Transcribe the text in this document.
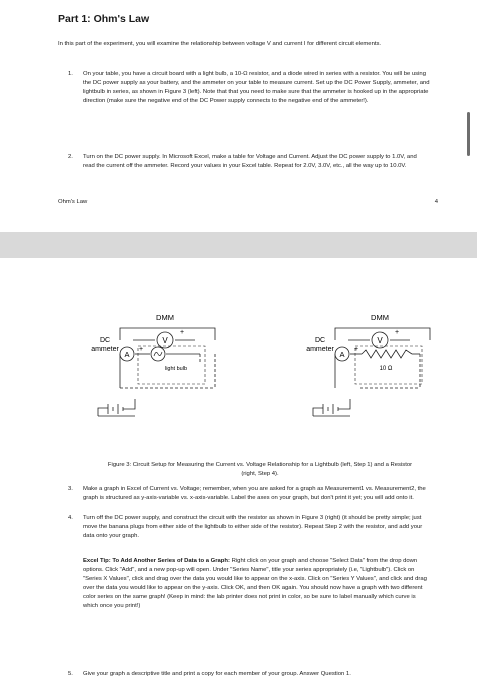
Part 1: Ohm's Law

In this part of the experiment, you will examine the relationship between voltage V and current I for different circuit elements.

1. On your table, you have a circuit board with a light bulb, a 10-Ω resistor, and a diode wired in series with a resistor. You will be using the DC power supply as your battery, and the ammeter on your table to measure current. Set up the DC Power Supply, ammeter, and lightbulb in series, as shown in Figure 3 (left). Note that that you need to make sure that the ammeter is hooked up in the appropriate direction (make sure the negative end of the DC Power supply connects to the negative end of the ammeter!).
2. Turn on the DC power supply. In Microsoft Excel, make a table for Voltage and Current. Adjust the DC power supply to 1.0V, and read the current off the ammeter. Record your values in your Excel table. Repeat for 2.0V, 3.0V, etc., all the way up to 10.0V.
Ohm's Law	4
V
A
DMM
DC
ammeter
light bulb
+
+
V
A
DMM
DC
ammeter
10 Ω
+
+
Figure 3: Circuit Setup for Measuring the Current vs. Voltage Relationship for a Lightbulb (left, Step 1) and a Resistor (right, Step 4).
3. Make a graph in Excel of Current vs. Voltage; remember, when you are asked for a graph as Measurement1 vs. Measurement2, the graph is structured as y-axis-variable vs. x-axis-variable. Label the axes on your graph, but don't print it yet; you will add onto it.
4. Turn off the DC power supply, and construct the circuit with the resistor as shown in Figure 3 (right) (it should be pretty simple; just move the banana plugs from either side of the lightbulb to either side of the resistor). Repeat Step 2 with the resistor, and add your data onto your graph.
Excel Tip: To Add Another Series of Data to a Graph: Right click on your graph and choose "Select Data" from the drop down options. Click "Add", and a new pop-up will open. Under "Series Name", title your series appropriately (i.e, "Lightbulb"). Click on "Series X Values", click and drag over the data you would like to appear on the x-axis. Click on "Series Y Values", and click and drag over the data you would like to appear on the y-axis. Click OK, and then OK again. You should now have a graph with two different color series on the same graph! (Keep in mind: the lab printer does not print in color, so be sure to label manually which curve is which once you print!)
5. Give your graph a descriptive title and print a copy for each member of your group. Answer Question 1.
